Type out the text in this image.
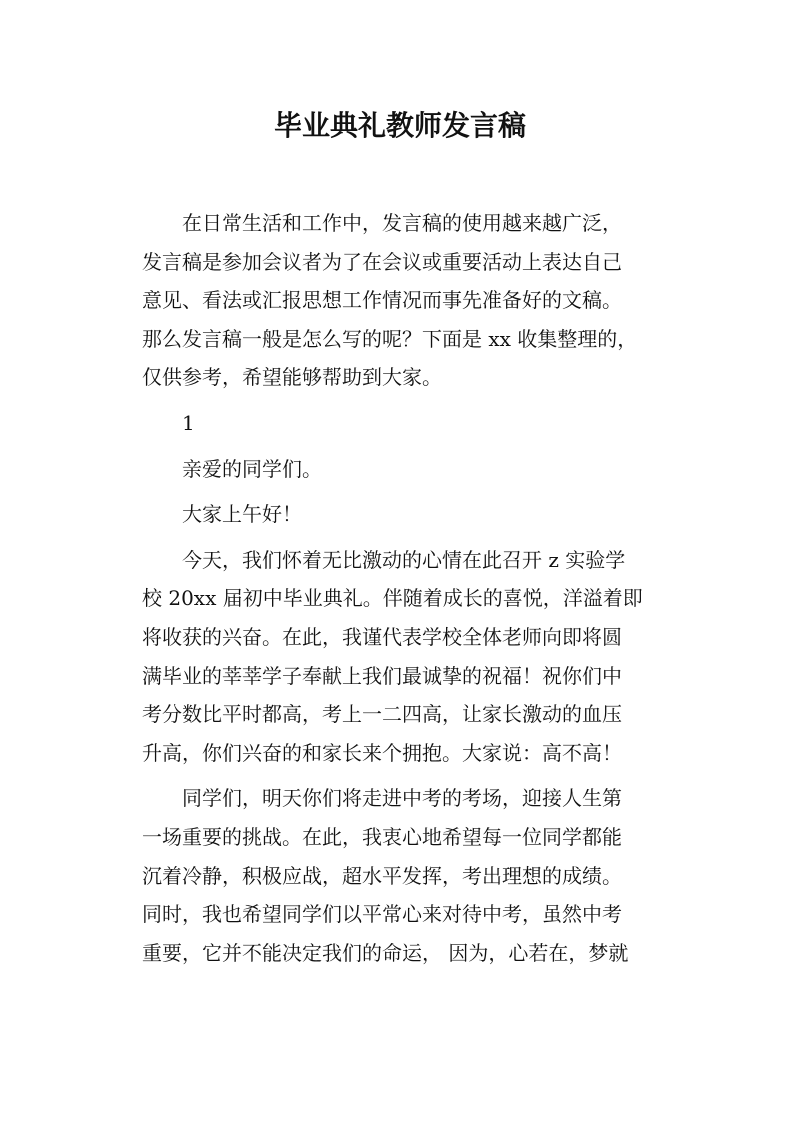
毕业典礼教师发言稿
在日常生活和工作中，发言稿的使用越来越广泛，
发言稿是参加会议者为了在会议或重要活动上表达自己
意见、看法或汇报思想工作情况而事先准备好的文稿。
那么发言稿一般是怎么写的呢？下面是 xx 收集整理的，
仅供参考，希望能够帮助到大家。
1
亲爱的同学们。
大家上午好！
今天，我们怀着无比激动的心情在此召开 z 实验学
校 20xx 届初中毕业典礼。伴随着成长的喜悦，洋溢着即
将收获的兴奋。在此，我谨代表学校全体老师向即将圆
满毕业的莘莘学子奉献上我们最诚挚的祝福！祝你们中
考分数比平时都高，考上一二四高，让家长激动的血压
升高，你们兴奋的和家长来个拥抱。大家说：高不高！
同学们，明天你们将走进中考的考场，迎接人生第
一场重要的挑战。在此，我衷心地希望每一位同学都能
沉着冷静，积极应战，超水平发挥，考出理想的成绩。
同时，我也希望同学们以平常心来对待中考，虽然中考
重要，它并不能决定我们的命运， 因为，心若在，梦就
